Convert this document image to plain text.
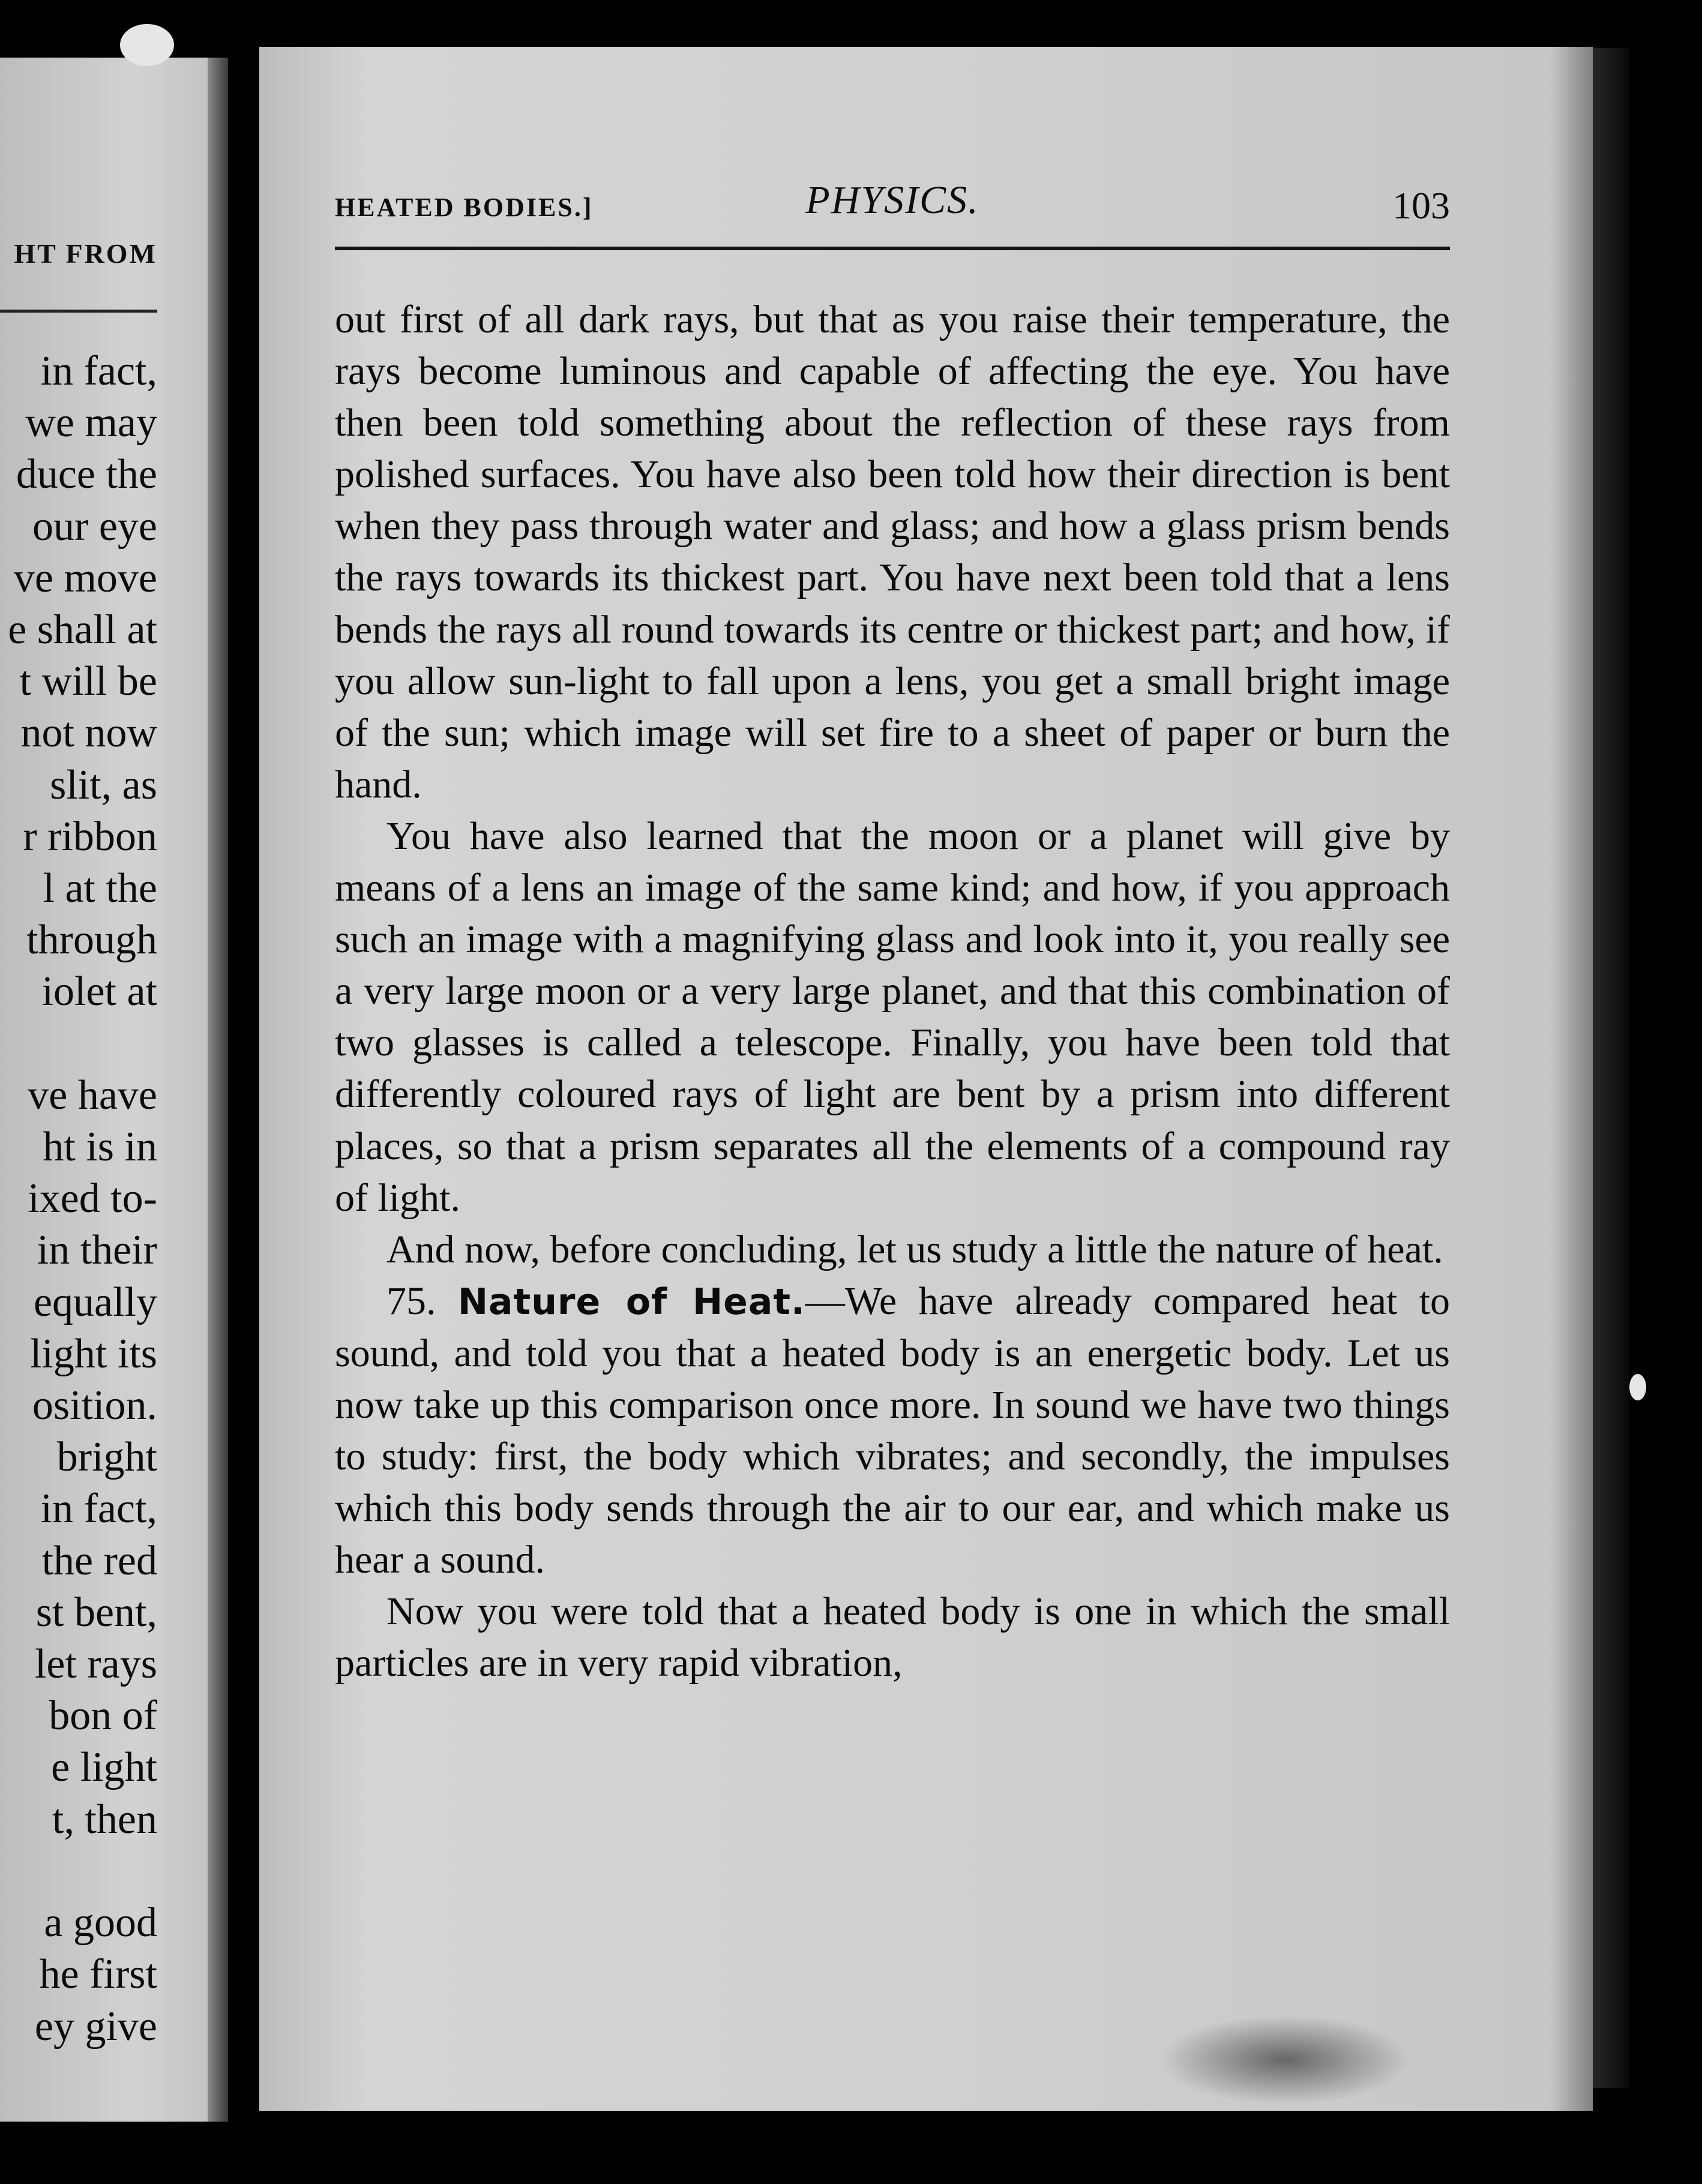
HT FROM
in fact,
we may
duce the
our eye
ve move
e shall at
t will be
not now
slit, as
r ribbon
l at the
through
iolet at

ve have
ht is in
ixed to-
in their
equally
light its
osition.
bright
in fact,
the red
st bent,
let rays
bon of
e light
t, then

a good
he first
ey give
HEATED BODIES.]	PHYSICS.	103

out first of all dark rays, but that as you raise their temperature, the rays become luminous and capable of affecting the eye. You have then been told something about the reflection of these rays from polished surfaces. You have also been told how their direction is bent when they pass through water and glass; and how a glass prism bends the rays towards its thickest part. You have next been told that a lens bends the rays all round towards its centre or thickest part; and how, if you allow sun-light to fall upon a lens, you get a small bright image of the sun; which image will set fire to a sheet of paper or burn the hand.

You have also learned that the moon or a planet will give by means of a lens an image of the same kind; and how, if you approach such an image with a magnifying glass and look into it, you really see a very large moon or a very large planet, and that this combination of two glasses is called a telescope. Finally, you have been told that differently coloured rays of light are bent by a prism into different places, so that a prism separates all the elements of a compound ray of light.

And now, before concluding, let us study a little the nature of heat.

75. Nature of Heat.—We have already compared heat to sound, and told you that a heated body is an energetic body. Let us now take up this comparison once more. In sound we have two things to study: first, the body which vibrates; and secondly, the impulses which this body sends through the air to our ear, and which make us hear a sound.

Now you were told that a heated body is one in which the small particles are in very rapid vibration,
